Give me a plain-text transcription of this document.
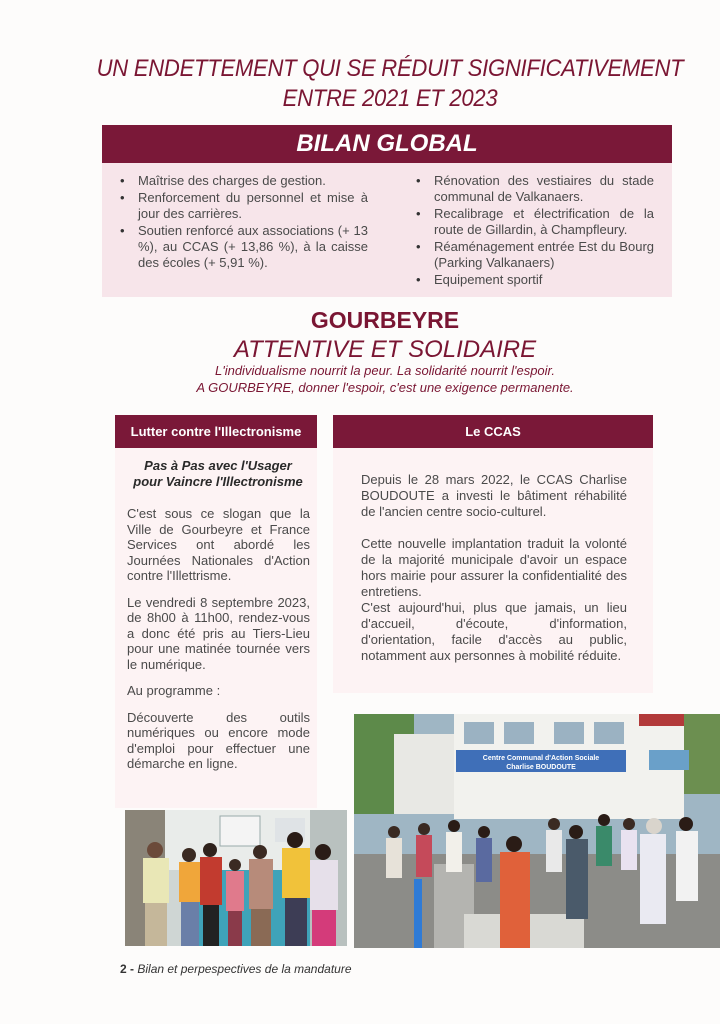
UN ENDETTEMENT QUI SE RÉDUIT SIGNIFICATIVEMENT
ENTRE 2021 ET 2023
BILAN GLOBAL
• Maîtrise des charges de gestion.
• Renforcement du personnel et mise à jour des carrières.
• Soutien renforcé aux associations (+ 13 %), au CCAS (+ 13,86 %), à la caisse des écoles (+ 5,91 %).
• Rénovation des vestiaires du stade communal de Valkanaers.
• Recalibrage et électrification de la route de Gillardin, à Champfleury.
• Réaménagement entrée Est du Bourg (Parking Valkanaers)
• Equipement sportif
GOURBEYRE
ATTENTIVE ET SOLIDAIRE
L'individualisme nourrit la peur. La solidarité nourrit l'espoir.
A GOURBEYRE, donner l'espoir, c'est une exigence permanente.
Lutter contre l'Illectronisme	Le CCAS
Pas à Pas avec l'Usager
pour Vaincre l'Illectronisme

C'est sous ce slogan que la Ville de Gourbeyre et France Services ont abordé les Journées Nationales d'Action contre l'Illettrisme.

Le vendredi 8 septembre 2023, de 8h00 à 11h00, rendez-vous a donc été pris au Tiers-Lieu pour une matinée tournée vers le numérique.

Au programme :

Découverte des outils numériques ou encore mode d'emploi pour effectuer une démarche en ligne.

Depuis le 28 mars 2022, le CCAS Charlise BOUDOUTE a investi le bâtiment réhabilité de l'ancien centre socio-culturel.

Cette nouvelle implantation traduit la volonté de la majorité municipale d'avoir un espace hors mairie pour assurer la confidentialité des entretiens.

C'est aujourd'hui, plus que jamais, un lieu d'accueil, d'écoute, d'information, d'orientation, facile d'accès au public, notamment aux personnes à mobilité réduite.

Centre Communal d'Action Sociale
Charlise BOUDOUTE
2 - Bilan et perpespectives de la mandature
